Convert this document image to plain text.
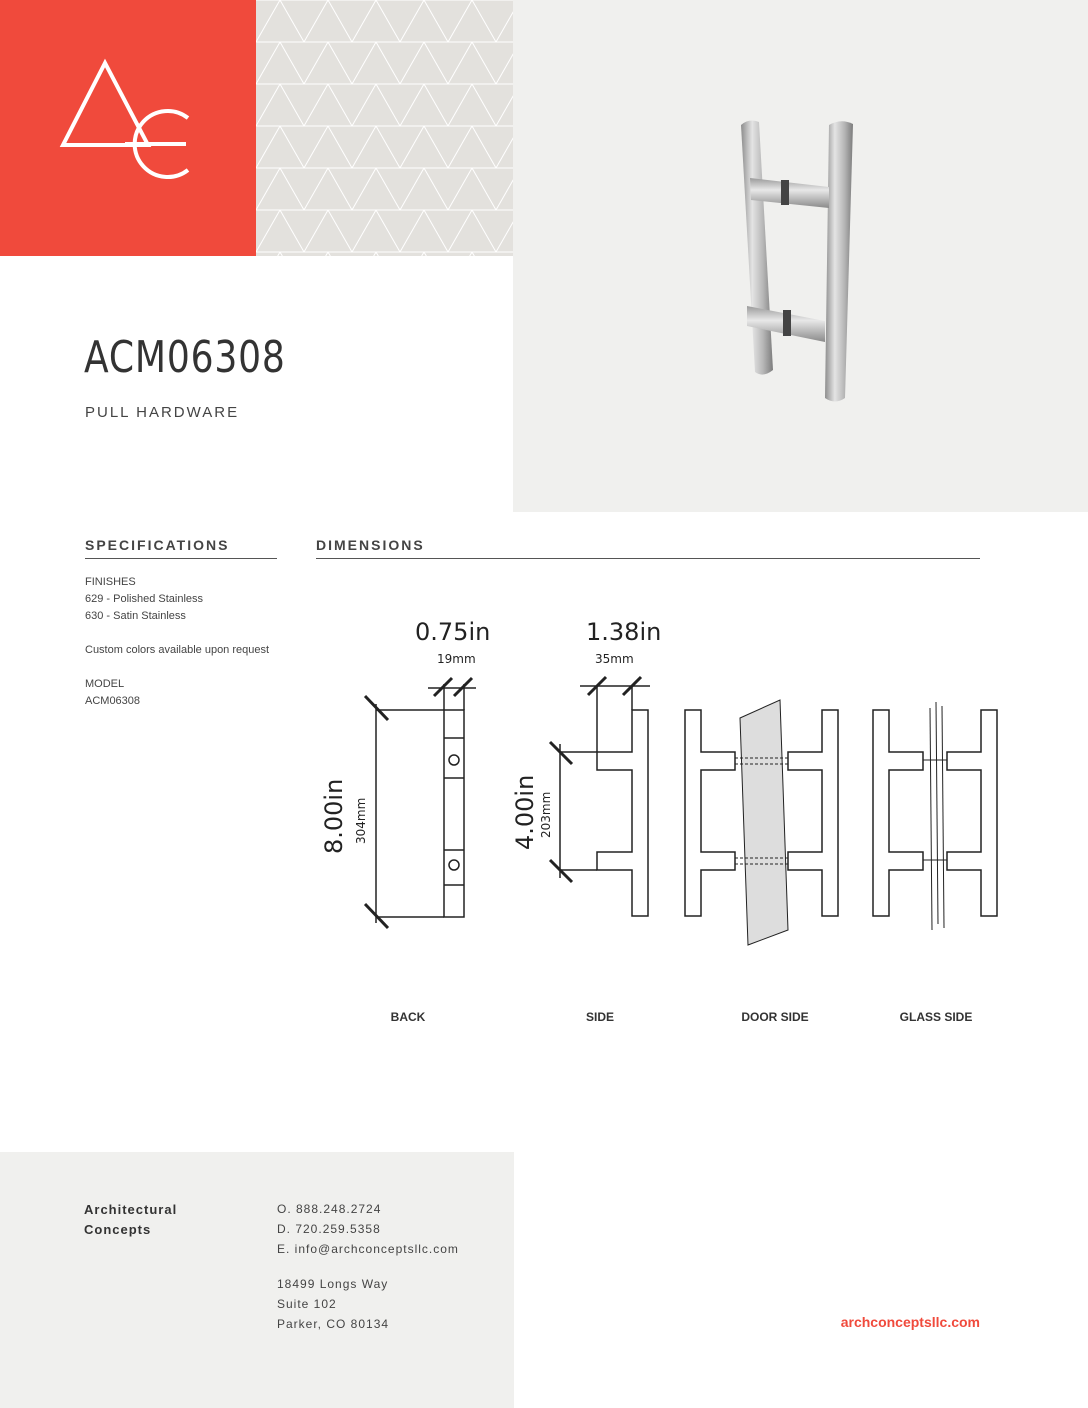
ACM06308
PULL HARDWARE
SPECIFICATIONS	DIMENSIONS
FINISHES
629 - Polished Stainless
630 - Satin Stainless
Custom colors available upon request
MODEL
ACM06308
0.75in
19mm
8.00in 304mm
1.38in
35mm
4.00in 203mm
BACK	SIDE	DOOR SIDE	GLASS SIDE
Architectural
Concepts
O. 888.248.2724
D. 720.259.5358
E. info@archconceptsllc.com
18499 Longs Way
Suite 102
Parker, CO 80134	archconceptsllc.com
